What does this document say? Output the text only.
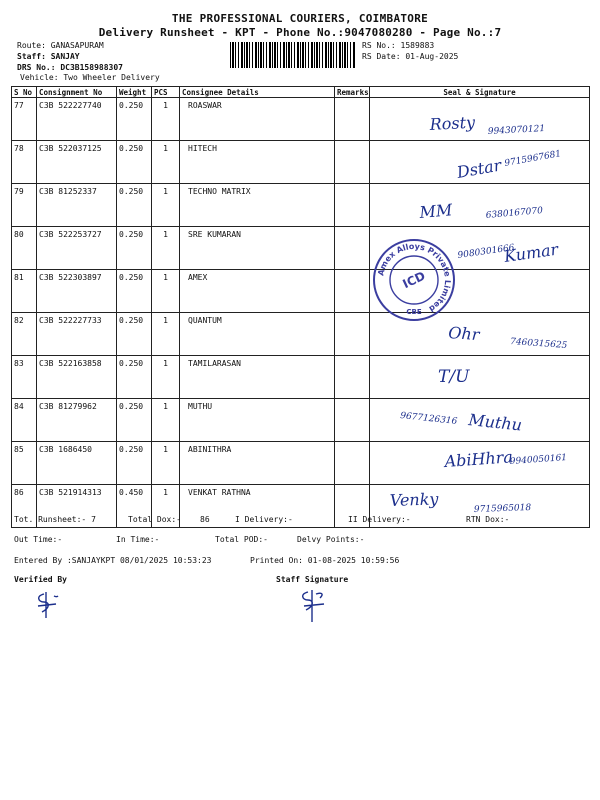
THE PROFESSIONAL COURIERS, COIMBATORE
Delivery Runsheet - KPT - Phone No.:9047080280 - Page No.:7
Route: GANASAPURAM
Staff: SANJAY
DRS No.: DC3B158988307
Vehicle: Two Wheeler Delivery
RS No.: 1589883
RS Date: 01-Aug-2025
S No	Consignment No	Weight	PCS	Consignee Details	Remarks	Seal & Signature
77	C3B 522227740	0.250	1	ROASWAR		
78	C3B 522037125	0.250	1	HITECH		
79	C3B 81252337	0.250	1	TECHNO MATRIX		
80	C3B 522253727	0.250	1	SRE KUMARAN		
81	C3B 522303897	0.250	1	AMEX		
82	C3B 522227733	0.250	1	QUANTUM		
83	C3B 522163858	0.250	1	TAMILARASAN		
84	C3B 81279962	0.250	1	MUTHU		
85	C3B 1686450	0.250	1	ABINITHRA		
86	C3B 521914313	0.450	1	VENKAT RATHNA		
Rosty 9943070121
Dstar 9715967681
MM	6380167070
Kumar
9080301666
Ohr	7460315625
T/U
Muthu
9677126316
AbiHhra
9940050161
Venky	9715965018
Amex Alloys Private Limited
ICD
CBE
Tot. Runsheet:- 7	Total Dox:- 86	I Delivery:-	II Delivery:-	RTN Dox:-
Out Time:-	In Time:-	Total POD:-	Delvy Points:-
Entered By :SANJAYKPT 08/01/2025 10:53:23	Printed On: 01-08-2025 10:59:56
Verified By	Staff Signature
